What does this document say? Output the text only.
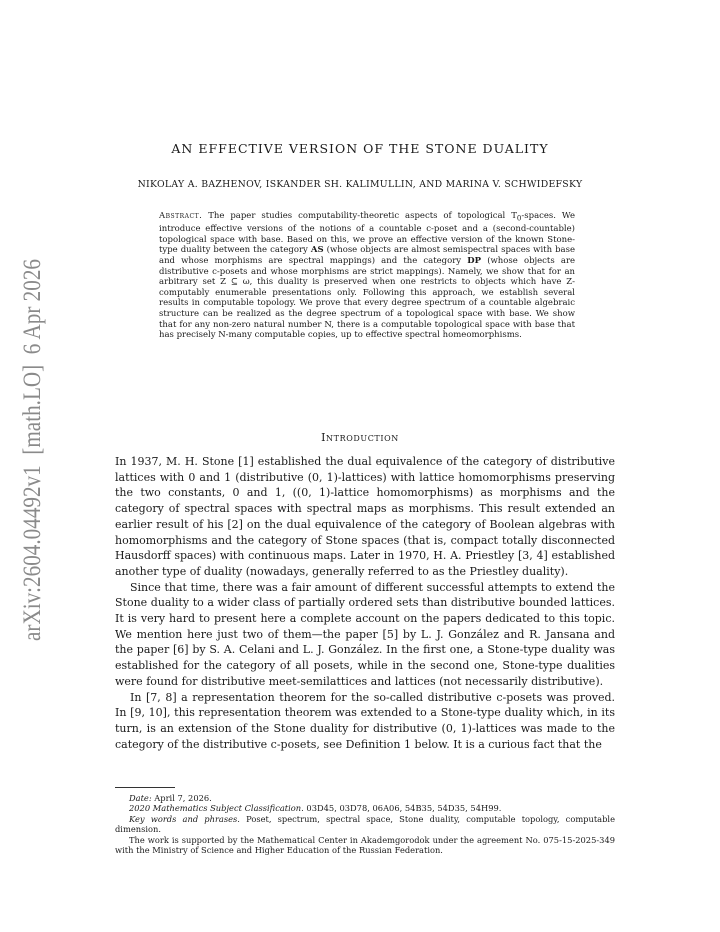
arXiv:2604.04492v1  [math.LO]  6 Apr 2026
AN EFFECTIVE VERSION OF THE STONE DUALITY
NIKOLAY A. BAZHENOV, ISKANDER SH. KALIMULLIN, AND MARINA V. SCHWIDEFSKY
Abstract. The paper studies computability-theoretic aspects of topological $T_0$-spaces. We introduce effective versions of the notions of a countable c-poset and a (second-countable) topological space with base. Based on this, we prove an effective version of the known Stone-type duality between the category AS (whose objects are almost semispectral spaces with base and whose morphisms are spectral mappings) and the category DP (whose objects are distributive c-posets and whose morphisms are strict mappings). Namely, we show that for an arbitrary set Z ⊆ ω, this duality is preserved when one restricts to objects which have Z-computably enumerable presentations only. Following this approach, we establish several results in computable topology. We prove that every degree spectrum of a countable algebraic structure can be realized as the degree spectrum of a topological space with base. We show that for any non-zero natural number N, there is a computable topological space with base that has precisely N-many computable copies, up to effective spectral homeomorphisms.
Introduction

In 1937, M. H. Stone [1] established the dual equivalence of the category of distributive lattices with 0 and 1 (distributive (0, 1)-lattices) with lattice homomorphisms preserving the two constants, 0 and 1, ((0, 1)-lattice homomorphisms) as morphisms and the category of spectral spaces with spectral maps as morphisms. This result extended an earlier result of his [2] on the dual equivalence of the category of Boolean algebras with homomorphisms and the category of Stone spaces (that is, compact totally disconnected Hausdorff spaces) with continuous maps. Later in 1970, H. A. Priestley [3, 4] established another type of duality (nowadays, generally referred to as the Priestley duality).

Since that time, there was a fair amount of different successful attempts to extend the Stone duality to a wider class of partially ordered sets than distributive bounded lattices. It is very hard to present here a complete account on the papers dedicated to this topic. We mention here just two of them—the paper [5] by L. J. González and R. Jansana and the paper [6] by S. A. Celani and L. J. González. In the first one, a Stone-type duality was established for the category of all posets, while in the second one, Stone-type dualities were found for distributive meet-semilattices and lattices (not necessarily distributive).

In [7, 8] a representation theorem for the so-called distributive c-posets was proved. In [9, 10], this representation theorem was extended to a Stone-type duality which, in its turn, is an extension of the Stone duality for distributive (0, 1)-lattices was made to the category of the distributive c-posets, see Definition 1 below. It is a curious fact that the

Date: April 7, 2026.

2020 Mathematics Subject Classification. 03D45, 03D78, 06A06, 54B35, 54D35, 54H99.

Key words and phrases. Poset, spectrum, spectral space, Stone duality, computable topology, computable dimension.

The work is supported by the Mathematical Center in Akademgorodok under the agreement No. 075-15-2025-349 with the Ministry of Science and Higher Education of the Russian Federation.
